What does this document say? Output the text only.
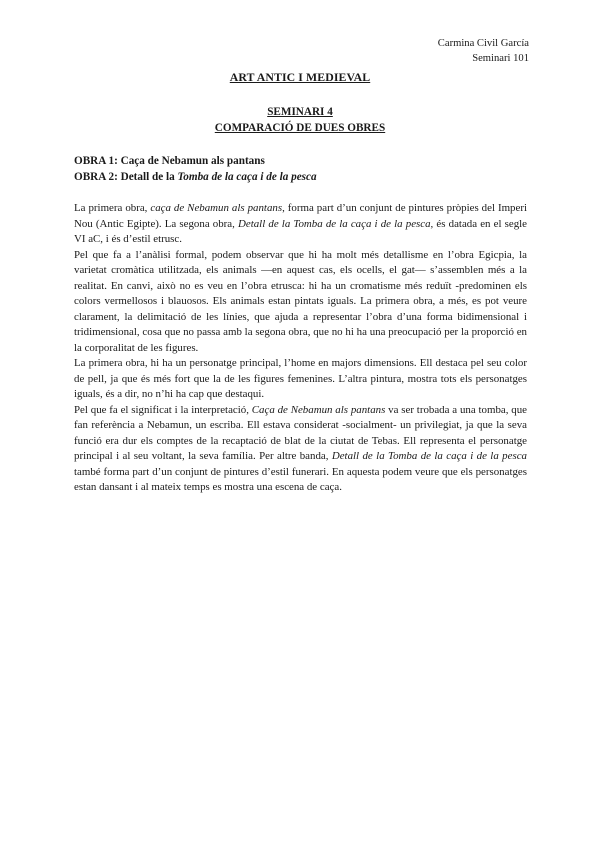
Carmina Civil García
Seminari 101
ART ANTIC I MEDIEVAL
SEMINARI 4
COMPARACIÓ DE DUES OBRES
OBRA 1: Caça de Nebamun als pantans
OBRA 2: Detall de la Tomba de la caça i de la pesca

La primera obra, caça de Nebamun als pantans, forma part d’un conjunt de pintures pròpies del Imperi Nou (Antic Egipte). La segona obra, Detall de la Tomba de la caça i de la pesca, és datada en el segle VI aC, i és d’estil etrusc.

Pel que fa a l’anàlisi formal, podem observar que hi ha molt més detallisme en l’obra Egicpia, la varietat cromàtica utilitzada, els animals —en aquest cas, els ocells, el gat— s’assemblen més a la realitat. En canvi, això no es veu en l’obra etrusca: hi ha un cromatisme més reduït -predominen els colors vermellosos i blauosos. Els animals estan pintats iguals. La primera obra, a més, es pot veure clarament, la delimitació de les línies, que ajuda a representar l’obra d’una forma bidimensional i tridimensional, cosa que no passa amb la segona obra, que no hi ha una preocupació per la proporció en la corporalitat de les figures.

La primera obra, hi ha un personatge principal, l’home en majors dimensions. Ell destaca pel seu color de pell, ja que és més fort que la de les figures femenines. L’altra pintura, mostra tots els personatges iguals, és a dir, no n’hi ha cap que destaqui.

Pel que fa el significat i la interpretació, Caça de Nebamun als pantans va ser trobada a una tomba, que fan referència a Nebamun, un escriba. Ell estava considerat -socialment- un privilegiat, ja que la seva funció era dur els comptes de la recaptació de blat de la ciutat de Tebas. Ell representa el personatge principal i al seu voltant, la seva família. Per altre banda, Detall de la Tomba de la caça i de la pesca també forma part d’un conjunt de pintures d’estil funerari. En aquesta podem veure que els personatges estan dansant i al mateix temps es mostra una escena de caça.
